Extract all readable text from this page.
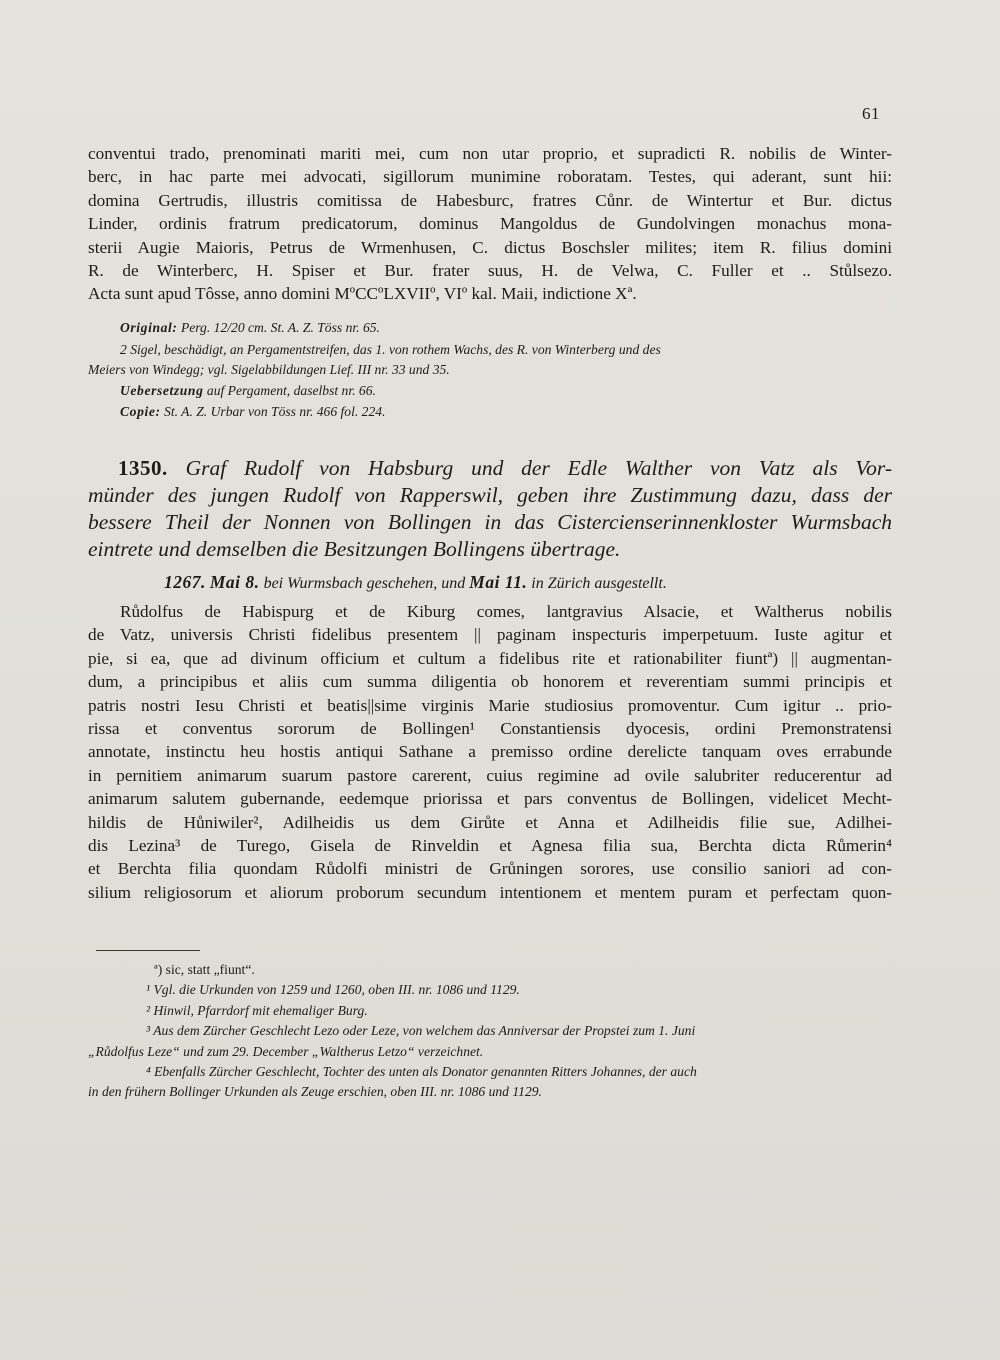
61
conventui trado, prenominati mariti mei, cum non utar proprio, et supradicti R. nobilis de Winter-
berc, in hac parte mei advocati, sigillorum munimine roboratam. Testes, qui aderant, sunt hii:
domina Gertrudis, illustris comitissa de Habesburc, fratres Cůnr. de Wintertur et Bur. dictus
Linder, ordinis fratrum predicatorum, dominus Mangoldus de Gundolvingen monachus mona-
sterii Augie Maioris, Petrus de Wrmenhusen, C. dictus Boschsler milites; item R. filius domini
R. de Winterberc, H. Spiser et Bur. frater suus, H. de Velwa, C. Fuller et .. Stůlsezo.
Acta sunt apud Tôsse, anno domini MºCCºLXVIIº, VIº kal. Maii, indictione Xª.
Original: Perg. 12/20 cm. St. A. Z. Töss nr. 65.
2 Sigel, beschädigt, an Pergamentstreifen, das 1. von rothem Wachs, des R. von Winterberg und des
Meiers von Windegg; vgl. Sigelabbildungen Lief. III nr. 33 und 35.
Uebersetzung auf Pergament, daselbst nr. 66.
Copie: St. A. Z. Urbar von Töss nr. 466 fol. 224.
1350. Graf Rudolf von Habsburg und der Edle Walther von Vatz als Vor-
münder des jungen Rudolf von Rapperswil, geben ihre Zustimmung dazu, dass der
bessere Theil der Nonnen von Bollingen in das Cistercienserinnenkloster Wurmsbach
eintrete und demselben die Besitzungen Bollingens übertrage.
1267. Mai 8. bei Wurmsbach geschehen, und Mai 11. in Zürich ausgestellt.
Růdolfus de Habispurg et de Kiburg comes, lantgravius Alsacie, et Waltherus nobilis
de Vatz, universis Christi fidelibus presentem || paginam inspecturis imperpetuum. Iuste agitur et
pie, si ea, que ad divinum officium et cultum a fidelibus rite et rationabiliter fiuntª) || augmentan-
dum, a principibus et aliis cum summa diligentia ob honorem et reverentiam summi principis et
patris nostri Iesu Christi et beatis||sime virginis Marie studiosius promoventur. Cum igitur .. prio-
rissa et conventus sororum de Bollingen¹ Constantiensis dyocesis, ordini Premonstratensi
annotate, instinctu heu hostis antiqui Sathane a premisso ordine derelicte tanquam oves errabunde
in pernitiem animarum suarum pastore carerent, cuius regimine ad ovile salubriter reducerentur ad
animarum salutem gubernande, eedemque priorissa et pars conventus de Bollingen, videlicet Mecht-
hildis de Hůniwiler², Adilheidis us dem Girůte et Anna et Adilheidis filie sue, Adilhei-
dis Lezina³ de Turego, Gisela de Rinveldin et Agnesa filia sua, Berchta dicta Růmerin⁴
et Berchta filia quondam Růdolfi ministri de Grůningen sorores, use consilio saniori ad con-
silium religiosorum et aliorum proborum secundum intentionem et mentem puram et perfectam quon-
ª) sic, statt „fiunt“.
¹ Vgl. die Urkunden von 1259 und 1260, oben III. nr. 1086 und 1129.
² Hinwil, Pfarrdorf mit ehemaliger Burg.
³ Aus dem Zürcher Geschlecht Lezo oder Leze, von welchem das Anniversar der Propstei zum 1. Juni
„Růdolfus Leze“ und zum 29. December „Waltherus Letzo“ verzeichnet.
⁴ Ebenfalls Zürcher Geschlecht, Tochter des unten als Donator genannten Ritters Johannes, der auch
in den frühern Bollinger Urkunden als Zeuge erschien, oben III. nr. 1086 und 1129.
